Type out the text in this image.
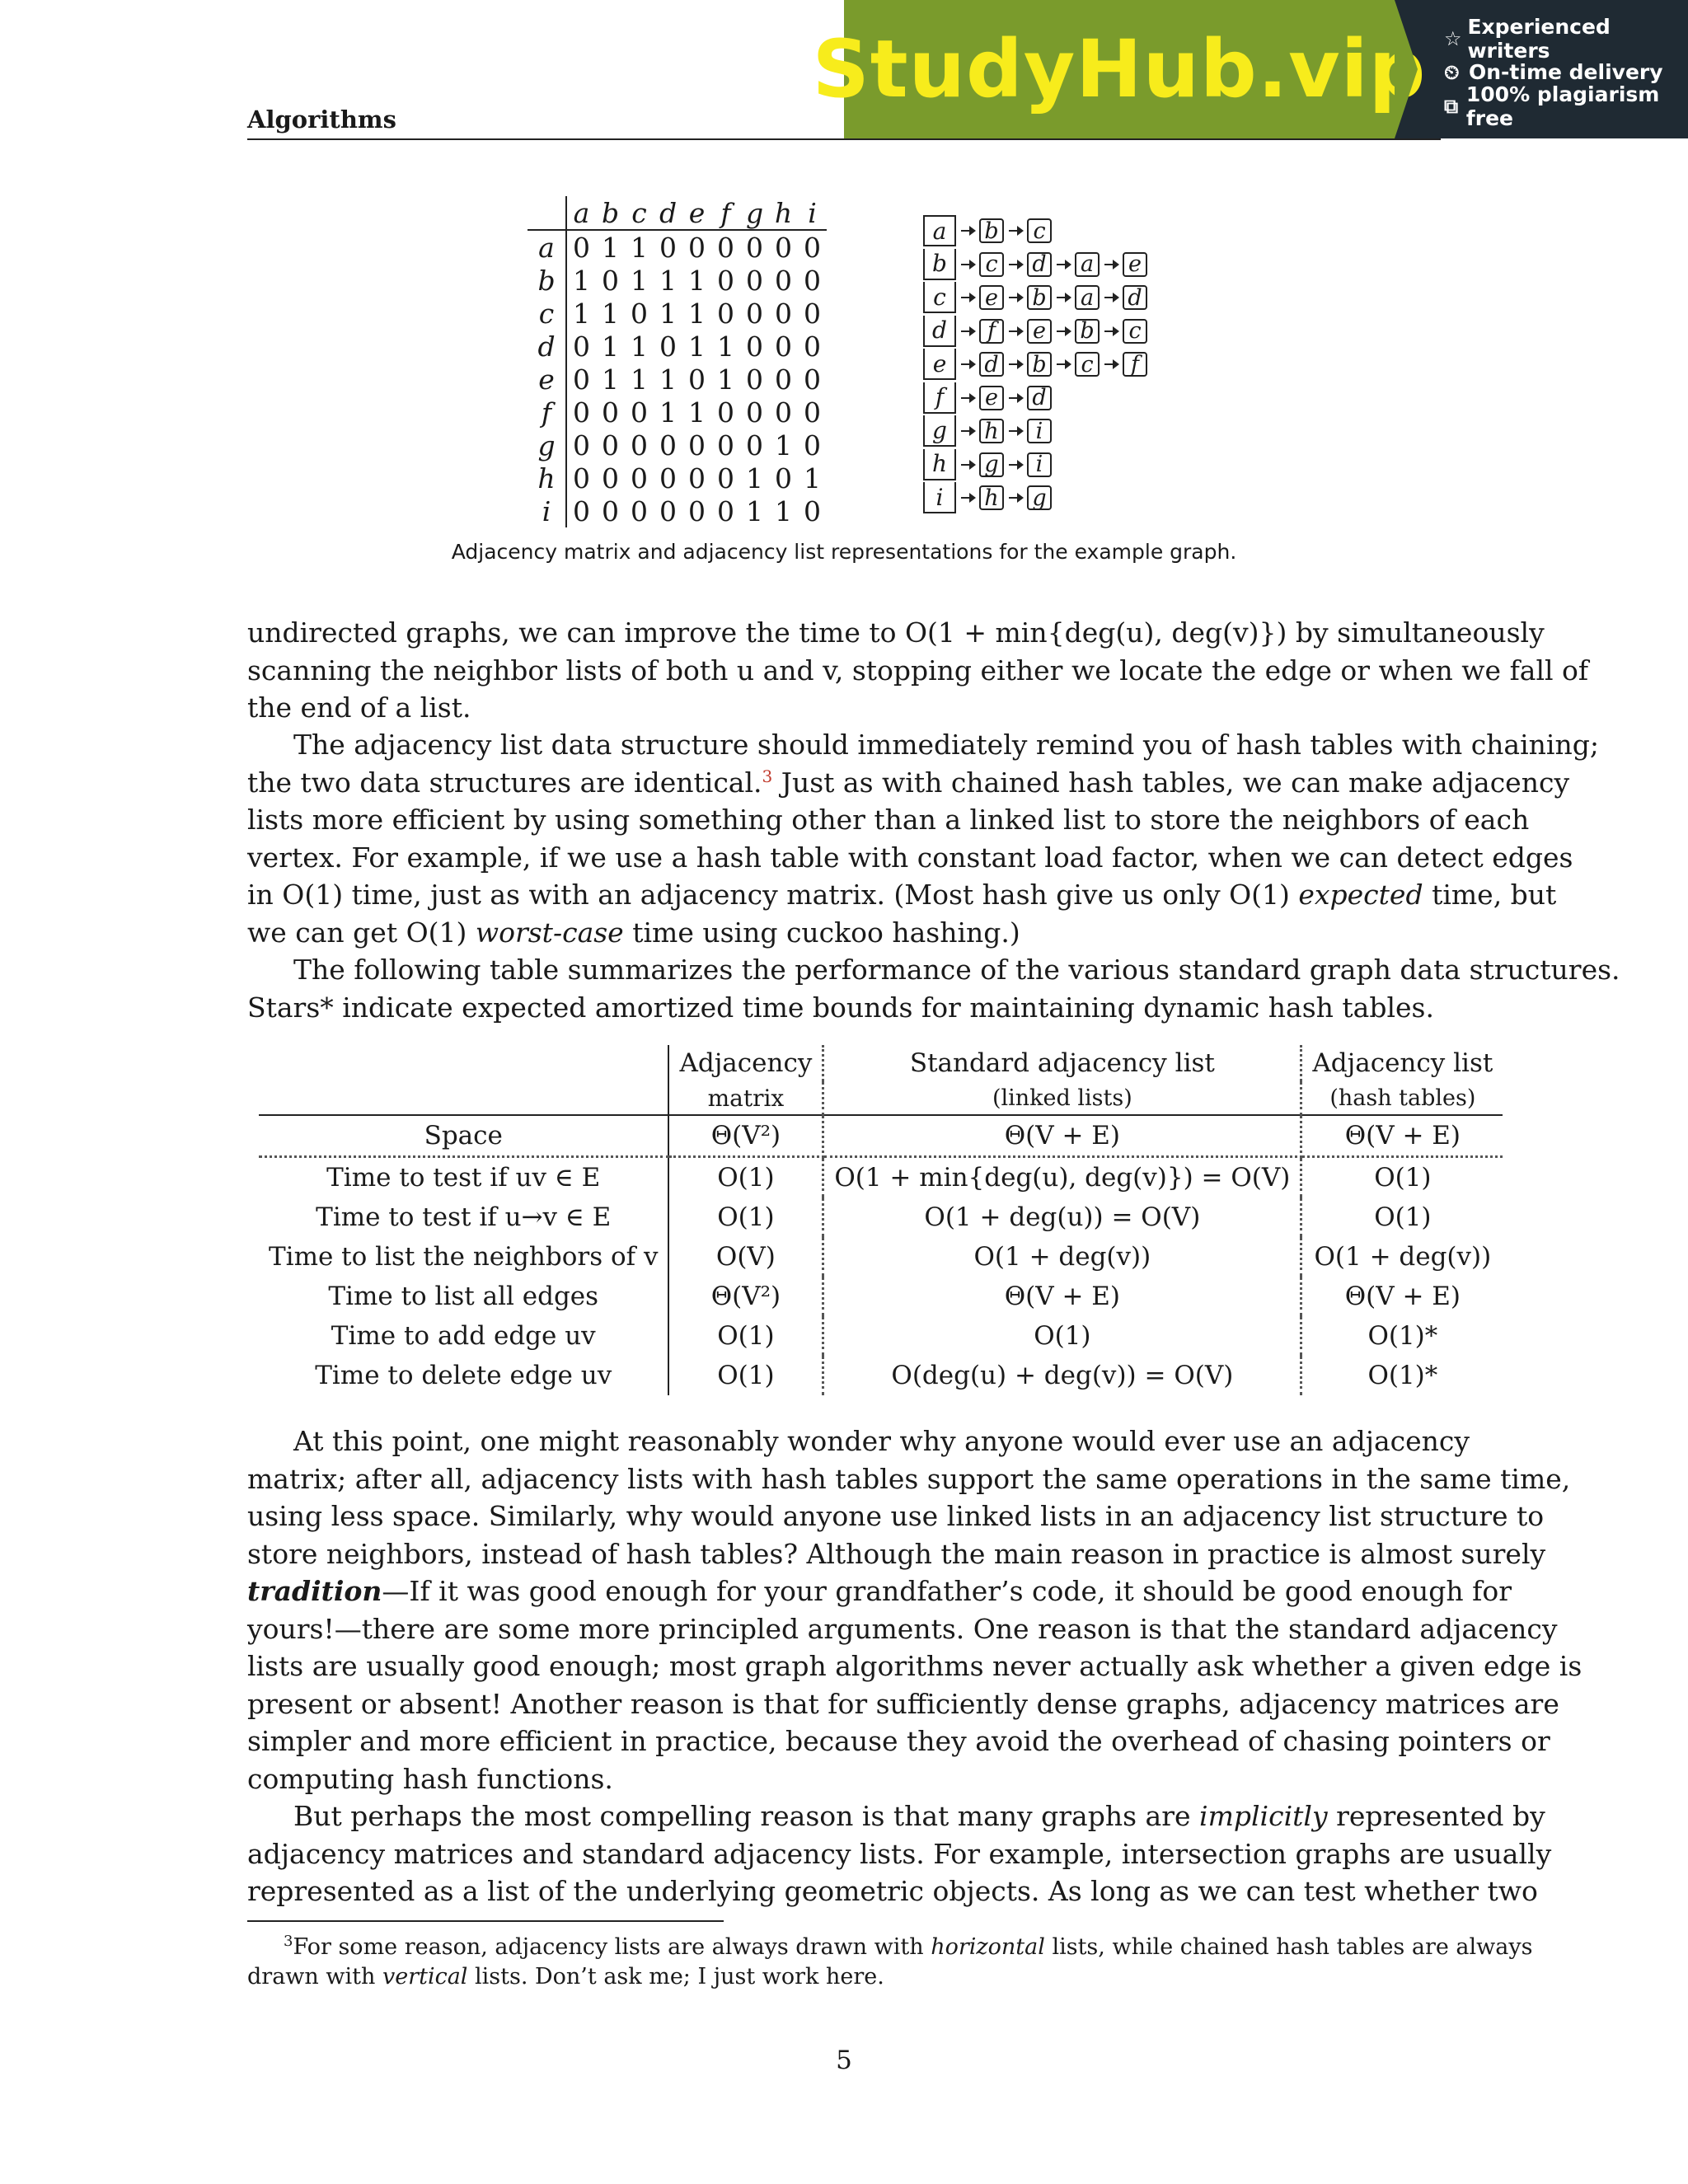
Algorithms
StudyHub.vip ☆ Experienced writers
⏲ On-time delivery
⧉ 100% plagiarism free
	a	b	c	d	e	f	g	h	i
a	0	1	1	0	0	0	0	0	0
b	1	0	1	1	1	0	0	0	0
c	1	1	0	1	1	0	0	0	0
d	0	1	1	0	1	1	0	0	0
e	0	1	1	1	0	1	0	0	0
f	0	0	0	1	1	0	0	0	0
g	0	0	0	0	0	0	0	1	0
h	0	0	0	0	0	0	1	0	1
i	0	0	0	0	0	0	1	1	0
a	b c
b	c d a e
c	e b a d
d	f	e b c
e	d b c	f
f	e d
g	h	i
h	g	i
i	h g
Adjacency matrix and adjacency list representations for the example graph.
undirected graphs, we can improve the time to O(1 + min{deg(u), deg(v)}) by simultaneously
scanning the neighbor lists of both u and v, stopping either we locate the edge or when we fall of
the end of a list.
The adjacency list data structure should immediately remind you of hash tables with chaining;
the two data structures are identical.$^3$ Just as with chained hash tables, we can make adjacency
lists more efficient by using something other than a linked list to store the neighbors of each
vertex. For example, if we use a hash table with constant load factor, when we can detect edges
in O(1) time, just as with an adjacency matrix. (Most hash give us only O(1) expected time, but
we can get O(1) worst-case time using cuckoo hashing.)
The following table summarizes the performance of the various standard graph data structures.
Stars* indicate expected amortized time bounds for maintaining dynamic hash tables.
	Adjacency	Standard adjacency list	Adjacency list
	matrix	(linked lists)	(hash tables)
Space	Θ(V²)	Θ(V + E)	Θ(V + E)
Time to test if uv ∈ E	O(1)	O(1 + min{deg(u), deg(v)}) = O(V)	O(1)
Time to test if u→v ∈ E	O(1)	O(1 + deg(u)) = O(V)	O(1)
Time to list the neighbors of v	O(V)	O(1 + deg(v))	O(1 + deg(v))
Time to list all edges	Θ(V²)	Θ(V + E)	Θ(V + E)
Time to add edge uv	O(1)	O(1)	O(1)*
Time to delete edge uv	O(1)	O(deg(u) + deg(v)) = O(V)	O(1)*
At this point, one might reasonably wonder why anyone would ever use an adjacency
matrix; after all, adjacency lists with hash tables support the same operations in the same time,
using less space. Similarly, why would anyone use linked lists in an adjacency list structure to
store neighbors, instead of hash tables? Although the main reason in practice is almost surely
tradition—If it was good enough for your grandfather’s code, it should be good enough for
yours!—there are some more principled arguments. One reason is that the standard adjacency
lists are usually good enough; most graph algorithms never actually ask whether a given edge is
present or absent! Another reason is that for sufficiently dense graphs, adjacency matrices are
simpler and more efficient in practice, because they avoid the overhead of chasing pointers or
computing hash functions.
But perhaps the most compelling reason is that many graphs are implicitly represented by
adjacency matrices and standard adjacency lists. For example, intersection graphs are usually
represented as a list of the underlying geometric objects. As long as we can test whether two
$^3$For some reason, adjacency lists are always drawn with horizontal lists, while chained hash tables are always
drawn with vertical lists. Don’t ask me; I just work here.
5
